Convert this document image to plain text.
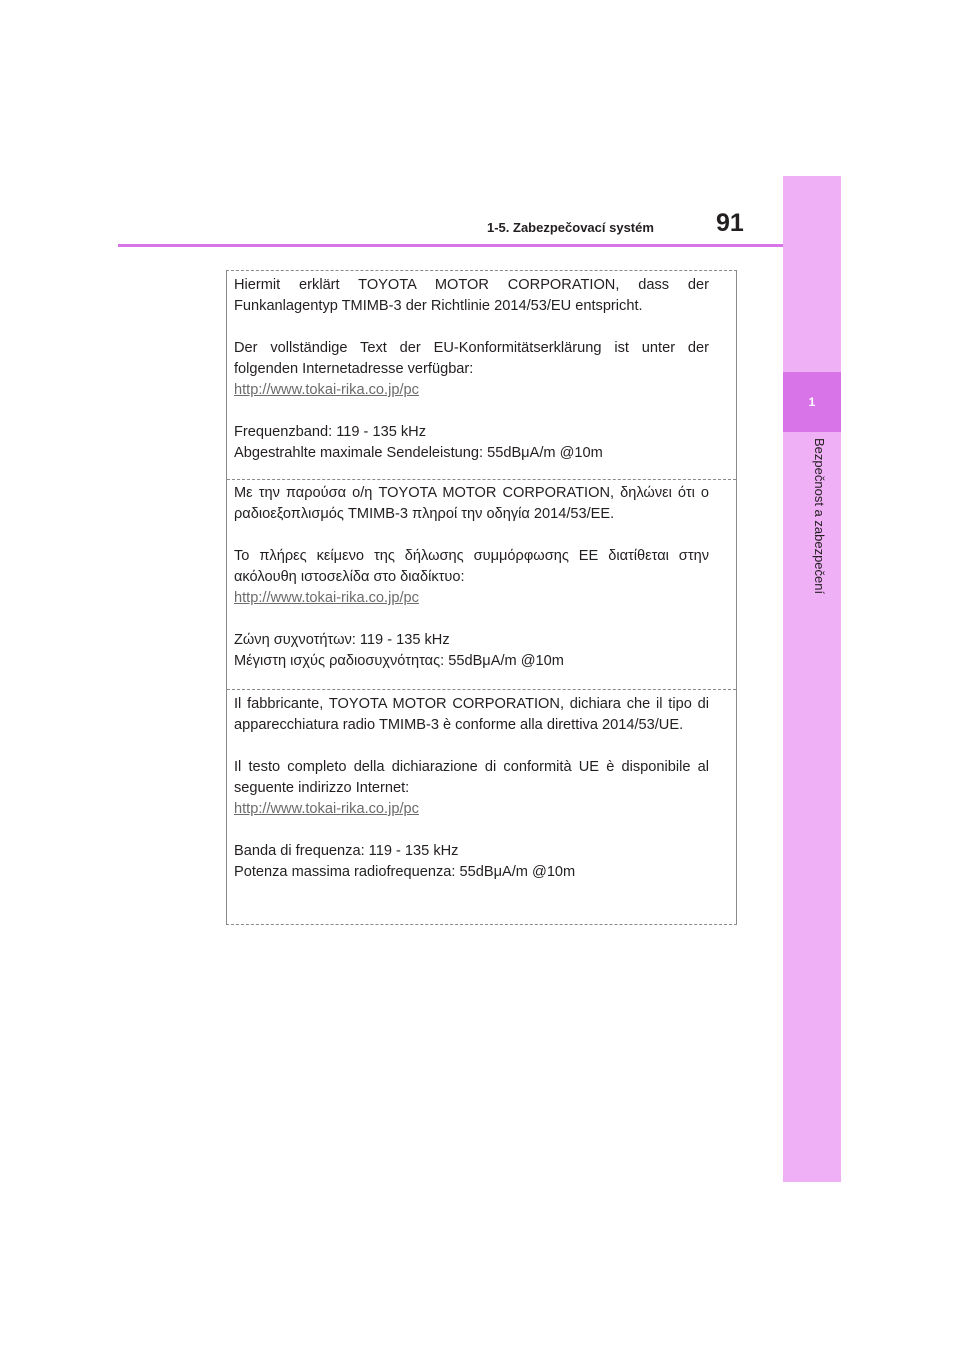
1
Bezpečnost a zabezpečení
1-5. Zabezpečovací systém 91

Hiermit erklärt TOYOTA MOTOR CORPORATION, dass der Funkanlagentyp TMIMB-3 der Richtlinie 2014/53/EU entspricht.

Der vollständige Text der EU-Konformitätserklärung ist unter der folgenden Internetadresse verfügbar:

http://www.tokai-rika.co.jp/pc
Frequenzband: 119 - 135 kHz
Abgestrahlte maximale Sendeleistung: 55dBμA/m @10m

Με την παρούσα ο/η TOYOTA MOTOR CORPORATION, δηλώνει ότι ο ραδιοεξοπλισμός TMIMB-3 πληροί την οδηγία 2014/53/ΕΕ.

Το πλήρες κείμενο της δήλωσης συμμόρφωσης ΕΕ διατίθεται στην ακόλουθη ιστοσελίδα στο διαδίκτυο:

http://www.tokai-rika.co.jp/pc
Ζώνη συχνοτήτων: 119 - 135 kHz
Μέγιστη ισχύς ραδιοσυχνότητας: 55dBμA/m @10m

Il fabbricante, TOYOTA MOTOR CORPORATION, dichiara che il tipo di apparecchiatura radio TMIMB-3 è conforme alla direttiva 2014/53/UE.

Il testo completo della dichiarazione di conformità UE è disponibile al seguente indirizzo Internet:

http://www.tokai-rika.co.jp/pc
Banda di frequenza: 119 - 135 kHz
Potenza massima radiofrequenza: 55dBμA/m @10m
